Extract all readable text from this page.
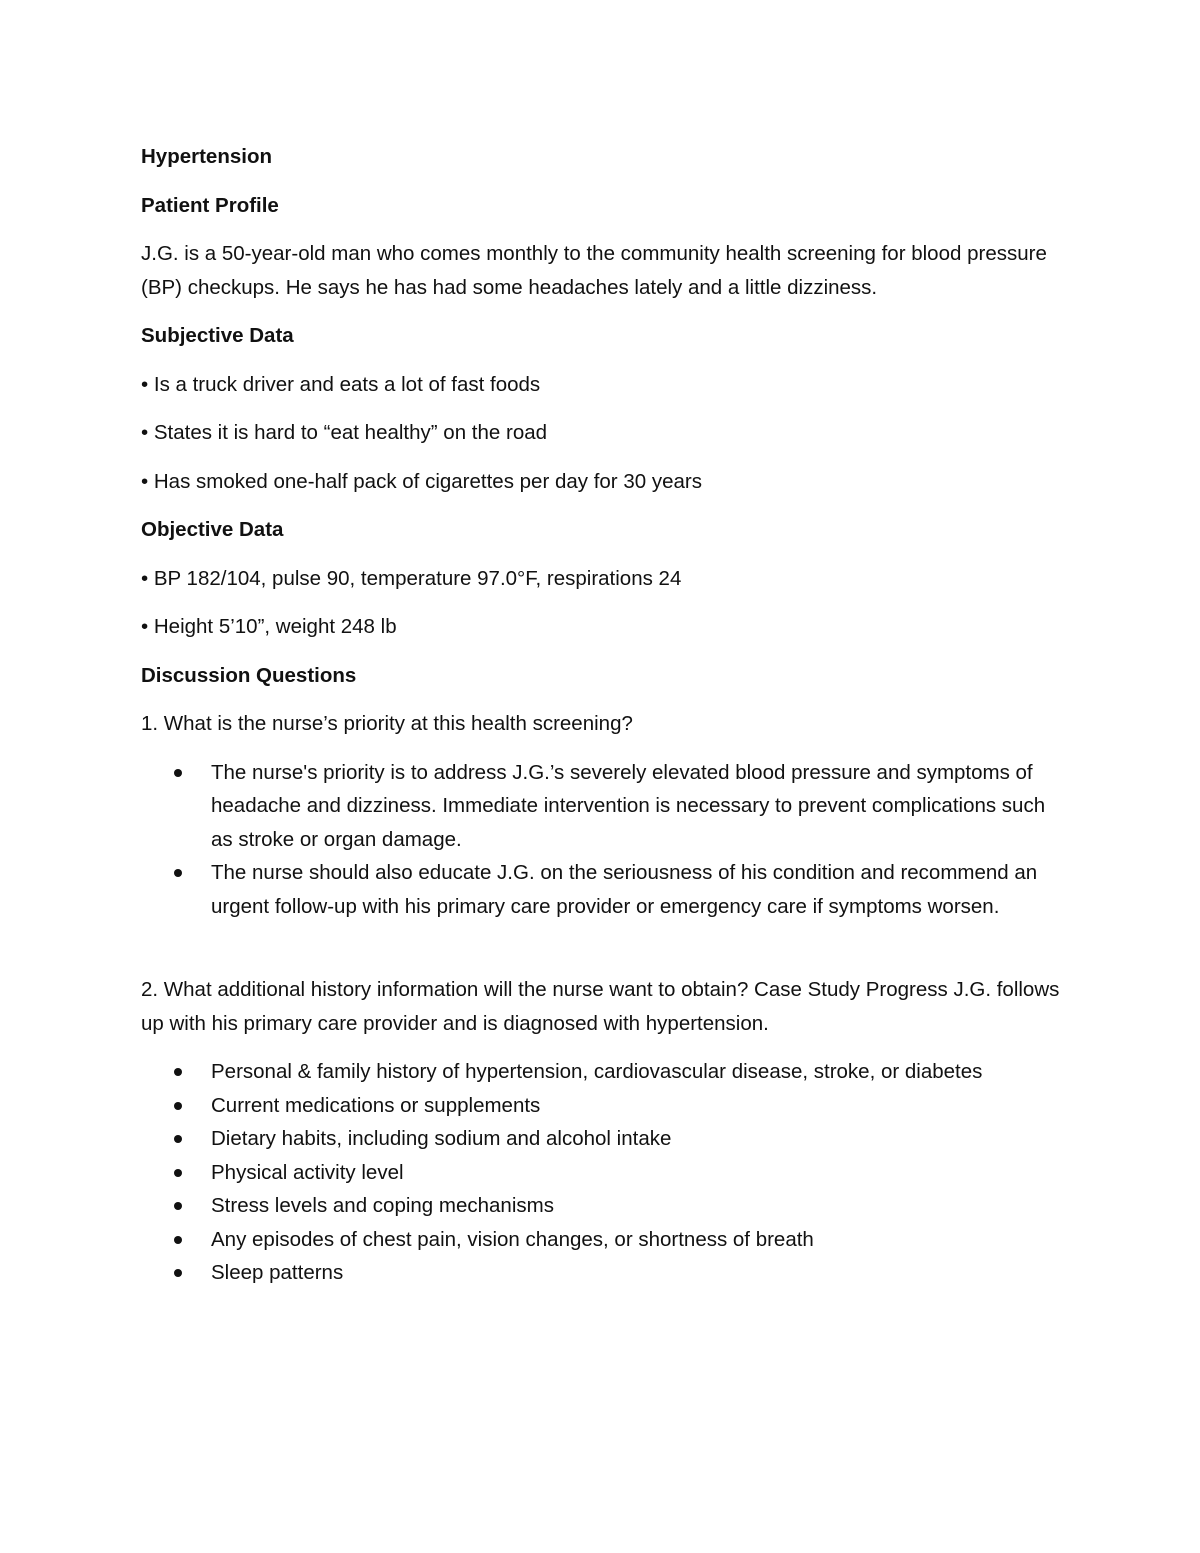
Hypertension
Patient Profile
J.G. is a 50-year-old man who comes monthly to the community health screening for blood pressure (BP) checkups. He says he has had some headaches lately and a little dizziness.
Subjective Data
• Is a truck driver and eats a lot of fast foods
• States it is hard to “eat healthy” on the road
• Has smoked one-half pack of cigarettes per day for 30 years
Objective Data
• BP 182/104, pulse 90, temperature 97.0°F, respirations 24
• Height 5’10”, weight 248 lb
Discussion Questions
1. What is the nurse’s priority at this health screening?
The nurse's priority is to address J.G.’s severely elevated blood pressure and symptoms of headache and dizziness. Immediate intervention is necessary to prevent complications such as stroke or organ damage.
The nurse should also educate J.G. on the seriousness of his condition and recommend an urgent follow-up with his primary care provider or emergency care if symptoms worsen.
2. What additional history information will the nurse want to obtain? Case Study Progress J.G. follows up with his primary care provider and is diagnosed with hypertension.
Personal & family history of hypertension, cardiovascular disease, stroke, or diabetes
Current medications or supplements
Dietary habits, including sodium and alcohol intake
Physical activity level
Stress levels and coping mechanisms
Any episodes of chest pain, vision changes, or shortness of breath
Sleep patterns
